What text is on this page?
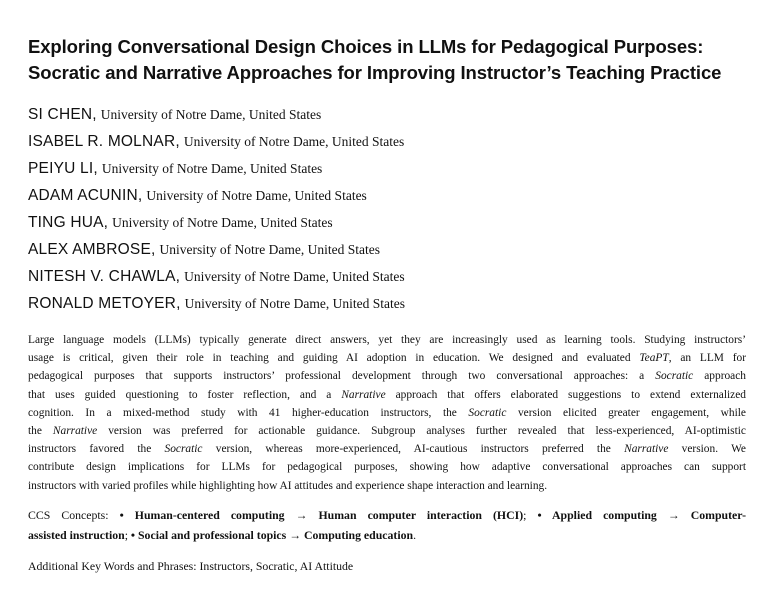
Exploring Conversational Design Choices in LLMs for Pedagogical Purposes:
Socratic and Narrative Approaches for Improving Instructor’s Teaching Practice
SI CHEN, University of Notre Dame, United States
ISABEL R. MOLNAR, University of Notre Dame, United States
PEIYU LI, University of Notre Dame, United States
ADAM ACUNIN, University of Notre Dame, United States
TING HUA, University of Notre Dame, United States
ALEX AMBROSE, University of Notre Dame, United States
NITESH V. CHAWLA, University of Notre Dame, United States
RONALD METOYER, University of Notre Dame, United States
Large language models (LLMs) typically generate direct answers, yet they are increasingly used as learning tools. Studying instructors’
usage is critical, given their role in teaching and guiding AI adoption in education. We designed and evaluated TeaPT, an LLM for
pedagogical purposes that supports instructors’ professional development through two conversational approaches: a Socratic approach
that uses guided questioning to foster reflection, and a Narrative approach that offers elaborated suggestions to extend externalized
cognition. In a mixed-method study with 41 higher-education instructors, the Socratic version elicited greater engagement, while
the Narrative version was preferred for actionable guidance. Subgroup analyses further revealed that less-experienced, AI-optimistic
instructors favored the Socratic version, whereas more-experienced, AI-cautious instructors preferred the Narrative version. We
contribute design implications for LLMs for pedagogical purposes, showing how adaptive conversational approaches can support
instructors with varied profiles while highlighting how AI attitudes and experience shape interaction and learning.
CCS Concepts: • Human-centered computing → Human computer interaction (HCI); • Applied computing → Computer-
assisted instruction; • Social and professional topics → Computing education.
Additional Key Words and Phrases: Instructors, Socratic, AI Attitude
